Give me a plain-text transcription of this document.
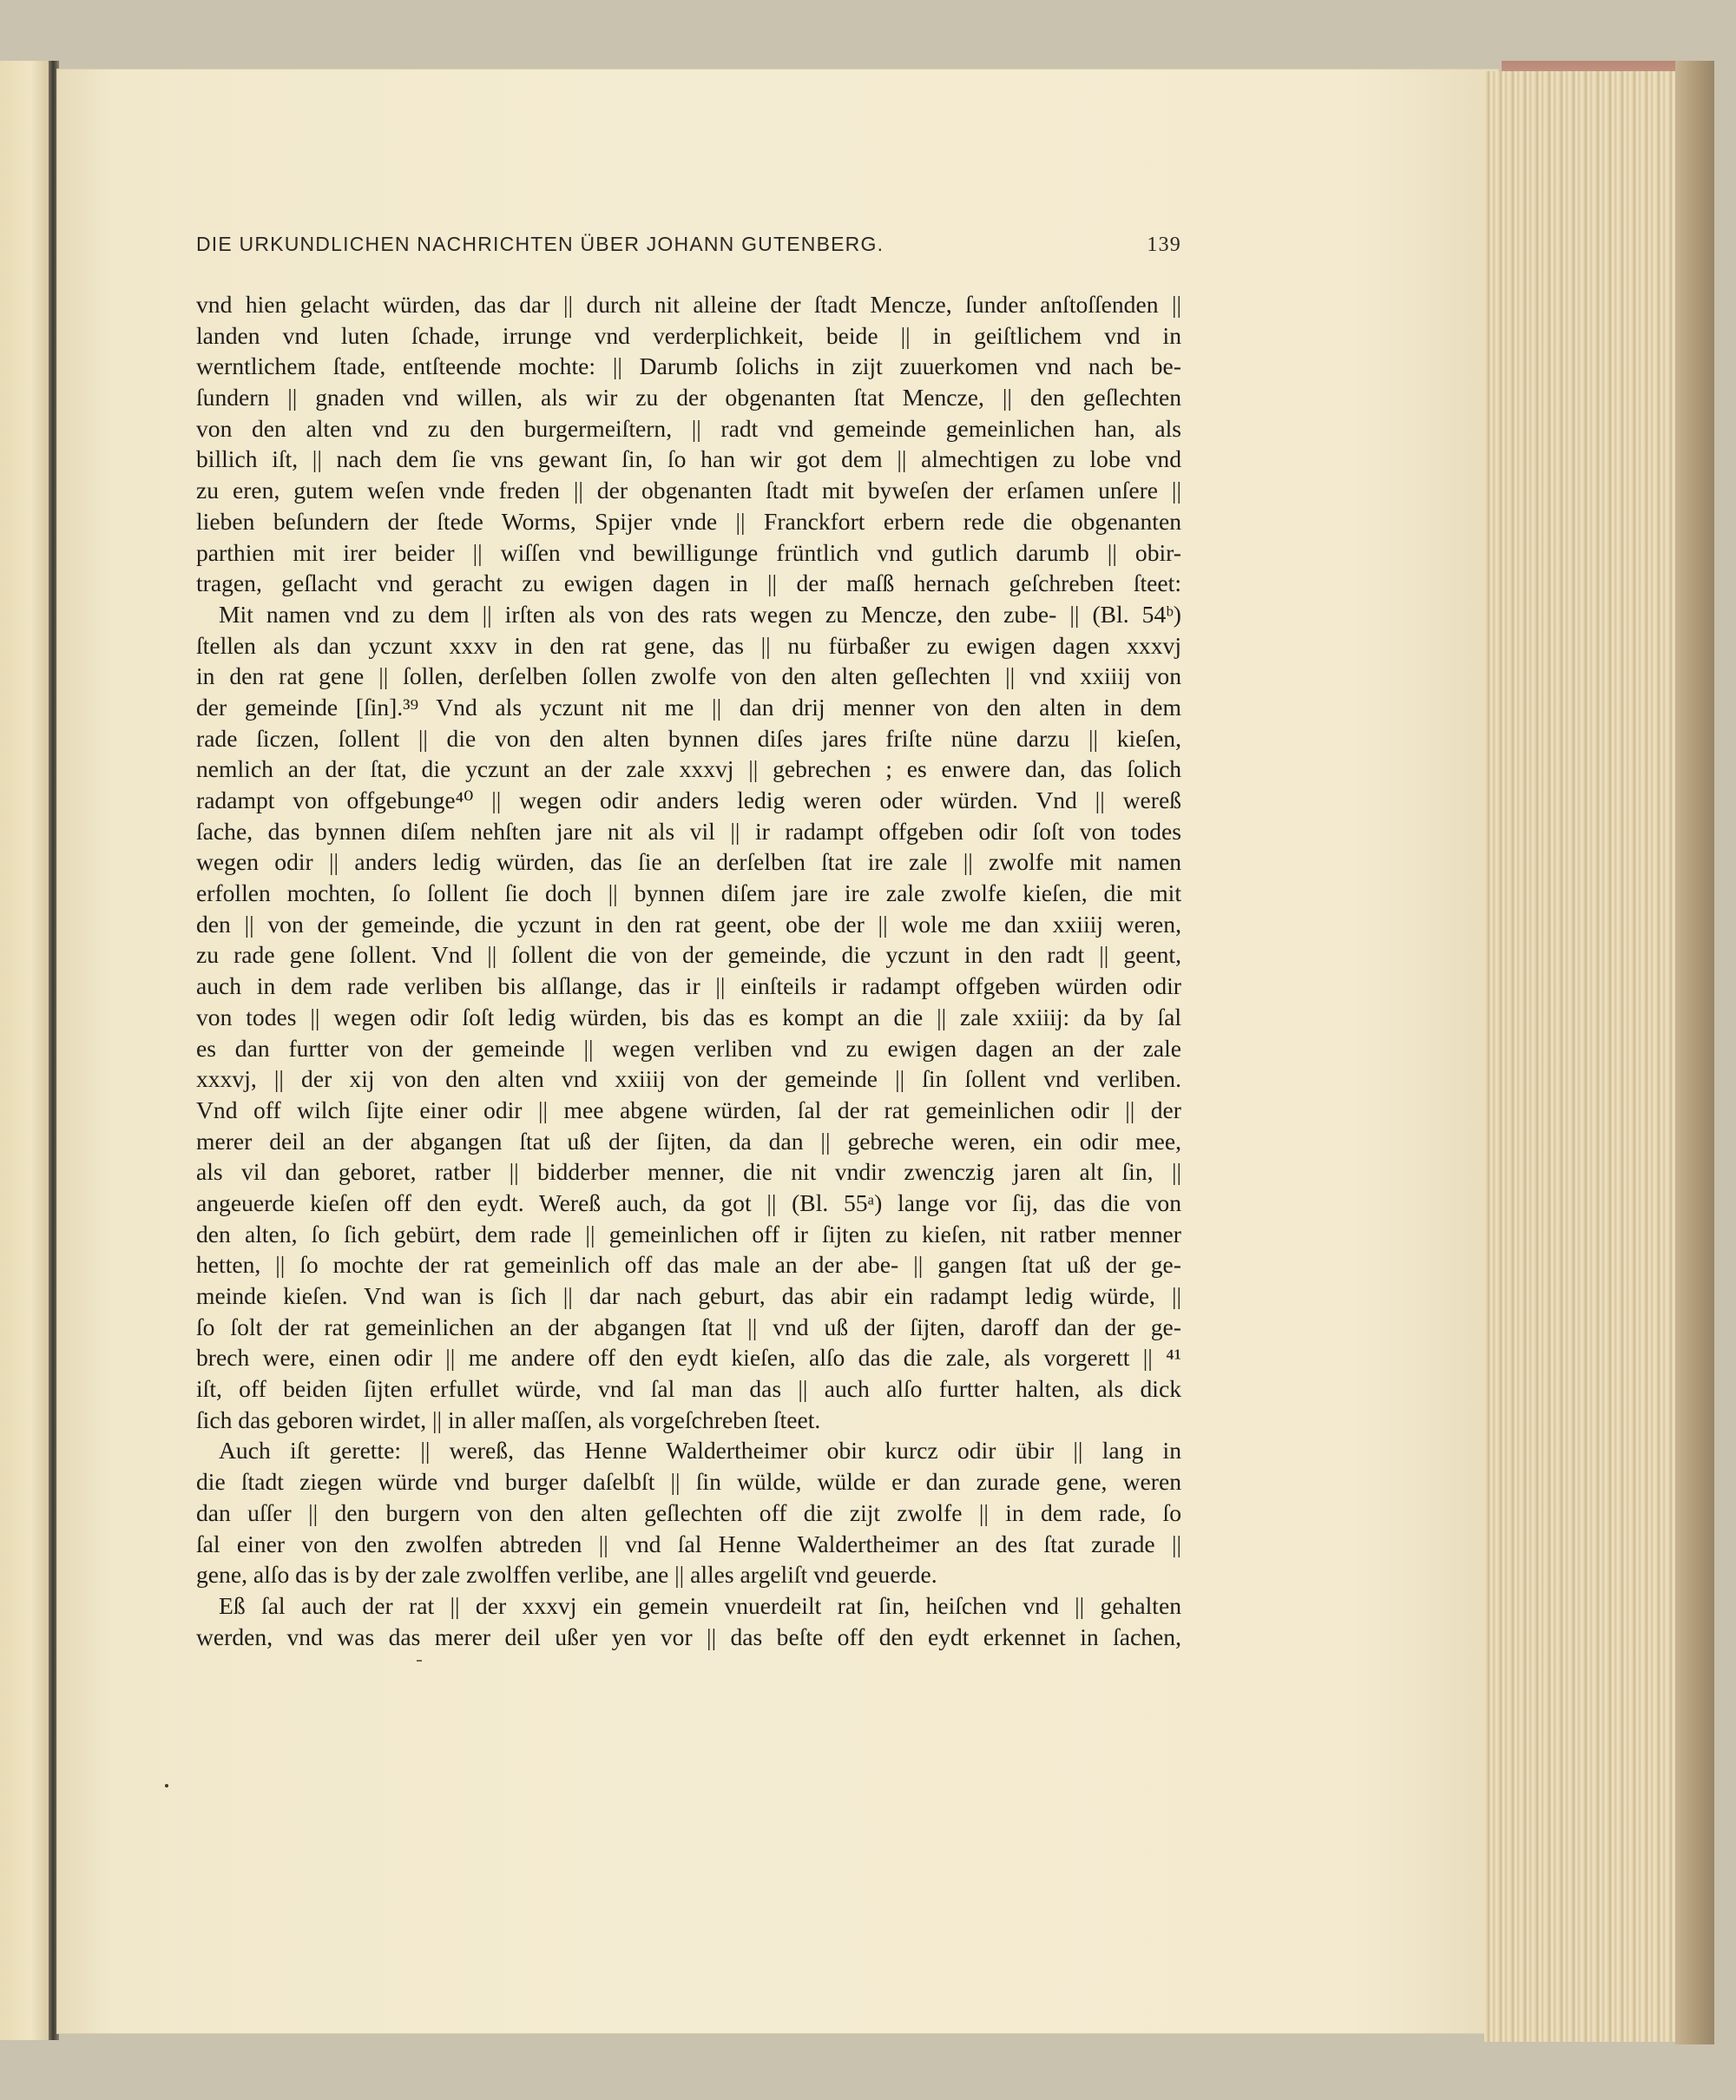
DIE URKUNDLICHEN NACHRICHTEN ÜBER JOHANN GUTENBERG.	139
vnd hien gelacht würden, das dar || durch nit alleine der ſtadt Mencze, ſunder anſtoſſenden ||
landen vnd luten ſchade, irrunge vnd verderplichkeit, beide || in geiſtlichem vnd in
werntlichem ſtade, entſteende mochte: || Darumb ſolichs in zijt zuuerkomen vnd nach be-
ſundern || gnaden vnd willen, als wir zu der obgenanten ſtat Mencze, || den geſlechten
von den alten vnd zu den burgermeiſtern, || radt vnd gemeinde gemeinlichen han, als
billich iſt, || nach dem ſie vns gewant ſin, ſo han wir got dem || almechtigen zu lobe vnd
zu eren, gutem weſen vnde freden || der obgenanten ſtadt mit byweſen der erſamen unſere ||
lieben beſundern der ſtede Worms, Spijer vnde || Franckfort erbern rede die obgenanten
parthien mit irer beider || wiſſen vnd bewilligunge früntlich vnd gutlich darumb || obir-
tragen, geſlacht vnd geracht zu ewigen dagen in || der maſß hernach geſchreben ſteet:
Mit namen vnd zu dem || irſten als von des rats wegen zu Mencze, den zube- || (Bl. 54ᵇ)
ſtellen als dan yczunt xxxv in den rat gene, das || nu fürbaßer zu ewigen dagen xxxvj
in den rat gene || ſollen, derſelben ſollen zwolfe von den alten geſlechten || vnd xxiiij von
der gemeinde [ſin].³⁹ Vnd als yczunt nit me || dan drij menner von den alten in dem
rade ſiczen, ſollent || die von den alten bynnen diſes jares friſte nüne darzu || kieſen,
nemlich an der ſtat, die yczunt an der zale xxxvj || gebrechen ; es enwere dan, das ſolich
radampt von offgebunge⁴⁰ || wegen odir anders ledig weren oder würden. Vnd || wereß
ſache, das bynnen diſem nehſten jare nit als vil || ir radampt offgeben odir ſoſt von todes
wegen odir || anders ledig würden, das ſie an derſelben ſtat ire zale || zwolfe mit namen
erfollen mochten, ſo ſollent ſie doch || bynnen diſem jare ire zale zwolfe kieſen, die mit
den || von der gemeinde, die yczunt in den rat geent, obe der || wole me dan xxiiij weren,
zu rade gene ſollent. Vnd || ſollent die von der gemeinde, die yczunt in den radt || geent,
auch in dem rade verliben bis alſlange, das ir || einſteils ir radampt offgeben würden odir
von todes || wegen odir ſoſt ledig würden, bis das es kompt an die || zale xxiiij: da by ſal
es dan furtter von der gemeinde || wegen verliben vnd zu ewigen dagen an der zale
xxxvj, || der xij von den alten vnd xxiiij von der gemeinde || ſin ſollent vnd verliben.
Vnd off wilch ſijte einer odir || mee abgene würden, ſal der rat gemeinlichen odir || der
merer deil an der abgangen ſtat uß der ſijten, da dan || gebreche weren, ein odir mee,
als vil dan geboret, ratber || bidderber menner, die nit vndir zwenczig jaren alt ſin, ||
angeuerde kieſen off den eydt. Wereß auch, da got || (Bl. 55ᵃ) lange vor ſij, das die von
den alten, ſo ſich gebürt, dem rade || gemeinlichen off ir ſijten zu kieſen, nit ratber menner
hetten, || ſo mochte der rat gemeinlich off das male an der abe- || gangen ſtat uß der ge-
meinde kieſen. Vnd wan is ſich || dar nach geburt, das abir ein radampt ledig würde, ||
ſo ſolt der rat gemeinlichen an der abgangen ſtat || vnd uß der ſijten, daroff dan der ge-
brech were, einen odir || me andere off den eydt kieſen, alſo das die zale, als vorgerett || ⁴¹
iſt, off beiden ſijten erfullet würde, vnd ſal man das || auch alſo furtter halten, als dick
ſich das geboren wirdet, || in aller maſſen, als vorgeſchreben ſteet.
Auch iſt gerette: || wereß, das Henne Waldertheimer obir kurcz odir übir || lang in
die ſtadt ziegen würde vnd burger daſelbſt || ſin wülde, wülde er dan zurade gene, weren
dan uſſer || den burgern von den alten geſlechten off die zijt zwolfe || in dem rade, ſo
ſal einer von den zwolfen abtreden || vnd ſal Henne Waldertheimer an des ſtat zurade ||
gene, alſo das is by der zale zwolffen verlibe, ane || alles argeliſt vnd geuerde.
Eß ſal auch der rat || der xxxvj ein gemein vnuerdeilt rat ſin, heiſchen vnd || gehalten
werden, vnd was das merer deil ußer yen vor || das beſte off den eydt erkennet in ſachen,
